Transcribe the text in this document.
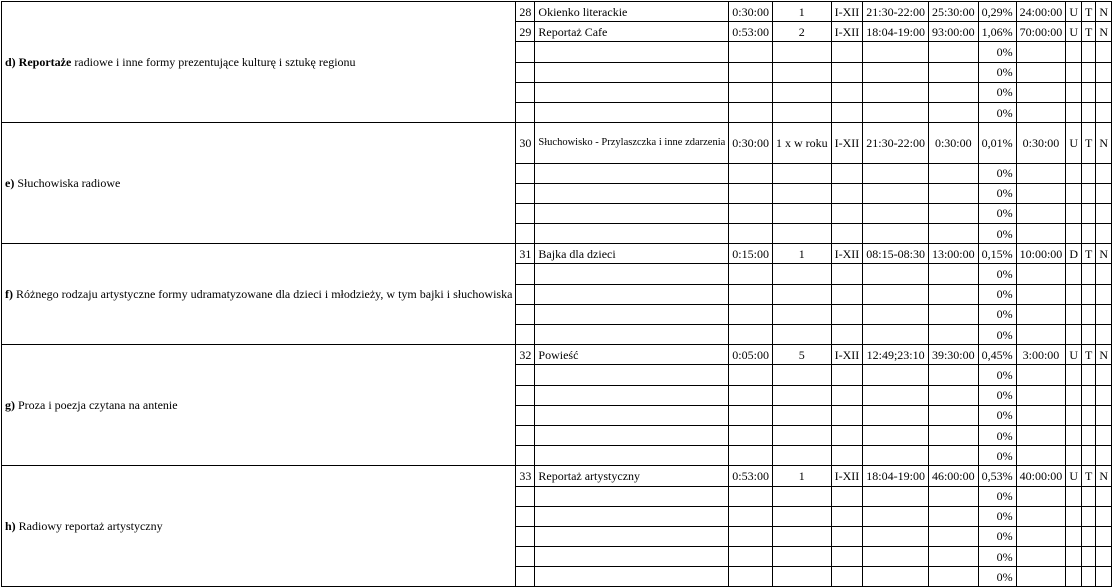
d) Reportaże radiowe i inne formy prezentujące kulturę i sztukę regionu	28	Okienko literackie	0:30:00	1	I-XII	21:30-22:00	25:30:00	0,29%	24:00:00	U	T	N
	29	Reportaż Cafe	0:53:00	2	I-XII	18:04-19:00	93:00:00	1,06%	70:00:00	U	T	N
								0%				
								0%				
								0%				
								0%				
e) Słuchowiska radiowe	30	Słuchowisko - Przylaszczka i inne zdarzenia	0:30:00	1 x w roku	I-XII	21:30-22:00	0:30:00	0,01%	0:30:00	U	T	N
								0%				
								0%				
								0%				
								0%				
f) Różnego rodzaju artystyczne formy udramatyzowane dla dzieci i młodzieży, w tym bajki i słuchowiska	31	Bajka dla dzieci	0:15:00	1	I-XII	08:15-08:30	13:00:00	0,15%	10:00:00	D	T	N
								0%				
								0%				
								0%				
								0%				
g) Proza i poezja czytana na antenie	32	Powieść	0:05:00	5	I-XII	12:49;23:10	39:30:00	0,45%	3:00:00	U	T	N
								0%				
								0%				
								0%				
								0%				
								0%				
h) Radiowy reportaż artystyczny	33	Reportaż artystyczny	0:53:00	1	I-XII	18:04-19:00	46:00:00	0,53%	40:00:00	U	T	N
								0%				
								0%				
								0%				
								0%				
								0%				
